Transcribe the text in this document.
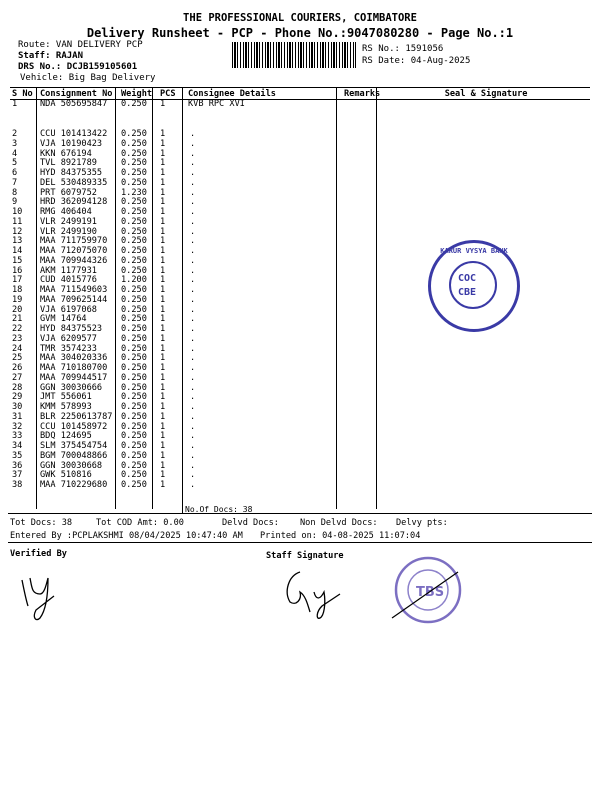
THE PROFESSIONAL COURIERS, COIMBATORE
Delivery Runsheet - PCP - Phone No.:9047080280 - Page No.:1
Route: VAN DELIVERY PCP
Staff: RAJAN
DRS No.: DCJB159105601
Vehicle: Big Bag Delivery
RS No.: 1591056
RS Date: 04-Aug-2025
S No	Consignment No	Weight	PCS	Consignee Details	Remarks	Seal & Signature
1	NDA 505695847	0.250	1	KVB RPC XVI		
2	CCU 101413422	0.250	1	.		
3	VJA 10190423	0.250	1	.		
4	KKN 676194	0.250	1	.		
5	TVL 8921789	0.250	1	.		
6	HYD 84375355	0.250	1	.		
7	DEL 530489335	0.250	1	.		
8	PRT 6079752	1.230	1	.		
9	HRD 362094128	0.250	1	.		
10	RMG 406404	0.250	1	.		
11	VLR 2499191	0.250	1	.		
12	VLR 2499190	0.250	1	.		
13	MAA 711759970	0.250	1	.		
14	MAA 712075070	0.250	1	.		
15	MAA 709944326	0.250	1	.		
16	AKM 1177931	0.250	1	.		
17	CUD 4015776	1.200	1	.		
18	MAA 711549603	0.250	1	.		
19	MAA 709625144	0.250	1	.		
20	VJA 6197068	0.250	1	.		
21	GVM 14764	0.250	1	.		
22	HYD 84375523	0.250	1	.		
23	VJA 6209577	0.250	1	.		
24	TMR 3574233	0.250	1	.		
25	MAA 304020336	0.250	1	.		
26	MAA 710180700	0.250	1	.		
27	MAA 709944517	0.250	1	.		
28	GGN 30030666	0.250	1	.		
29	JMT 556061	0.250	1	.		
30	KMM 578993	0.250	1	.		
31	BLR 2250613787	0.250	1	.		
32	CCU 101458972	0.250	1	.		
33	BDQ 124695	0.250	1	.		
34	SLM 375454754	0.250	1	.		
35	BGM 700048866	0.250	1	.		
36	GGN 30030668	0.250	1	.		
37	GWK 510816	0.250	1	.		
38	MAA 710229680	0.250	1	.		
No.Of Docs: 38
Tot Docs: 38	Tot COD Amt: 0.00	Delvd Docs: Non Delvd Docs: Delvy pts:
Entered By :PCPLAKSHMI 08/04/2025 10:47:40 AM Printed on: 04-08-2025 11:07:04
Verified By	Staff Signature
TBS
KARUR VYSYA BANK
COC
CBE
